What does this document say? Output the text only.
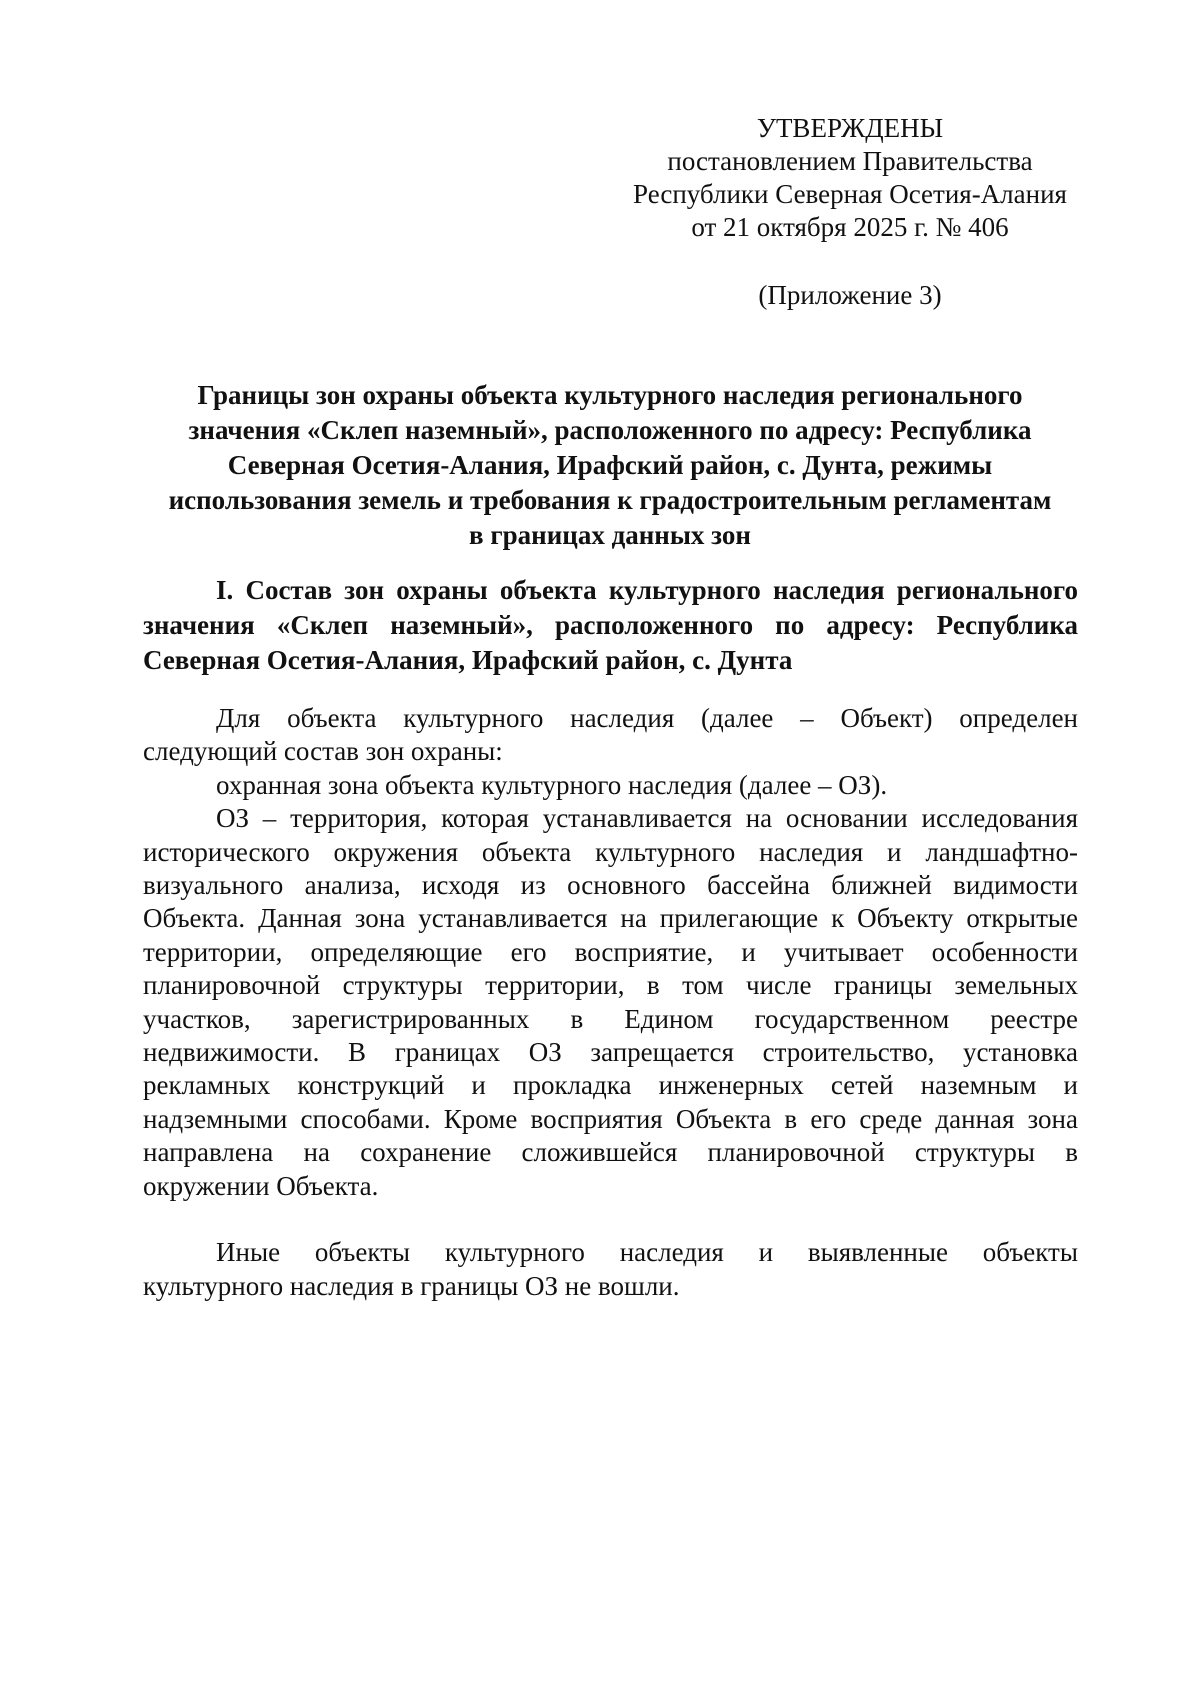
УТВЕРЖДЕНЫ
постановлением Правительства
Республики Северная Осетия-Алания
от 21 октября 2025 г. № 406
(Приложение 3)
Границы зон охраны объекта культурного наследия регионального
значения «Склеп наземный», расположенного по адресу: Республика
Северная Осетия-Алания, Ирафский район, с. Дунта, режимы
использования земель и требования к градостроительным регламентам
в границах данных зон
I. Состав зон охраны объекта культурного наследия регионального
значения «Склеп наземный», расположенного по адресу: Республика
Северная Осетия-Алания, Ирафский район, с. Дунта
Для объекта культурного наследия (далее – Объект) определен
следующий состав зон охраны:
охранная зона объекта культурного наследия (далее – ОЗ).
ОЗ – территория, которая устанавливается на основании исследования
исторического окружения объекта культурного наследия и ландшафтно-
визуального анализа, исходя из основного бассейна ближней видимости
Объекта. Данная зона устанавливается на прилегающие к Объекту открытые
территории, определяющие его восприятие, и учитывает особенности
планировочной структуры территории, в том числе границы земельных
участков, зарегистрированных в Едином государственном реестре
недвижимости. В границах ОЗ запрещается строительство, установка
рекламных конструкций и прокладка инженерных сетей наземным и
надземными способами. Кроме восприятия Объекта в его среде данная зона
направлена на сохранение сложившейся планировочной структуры в
окружении Объекта.
Иные объекты культурного наследия и выявленные объекты
культурного наследия в границы ОЗ не вошли.
